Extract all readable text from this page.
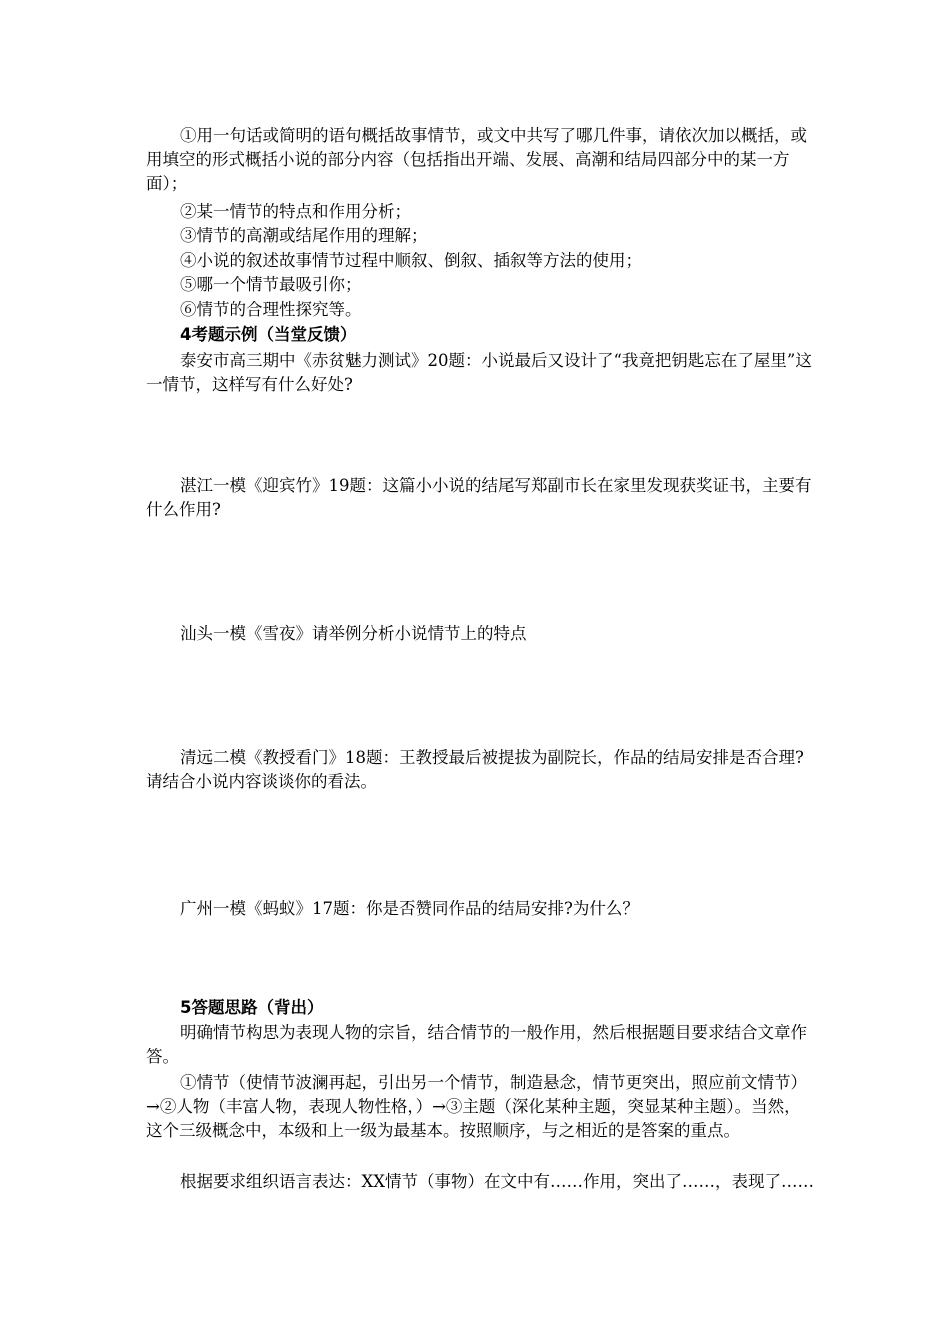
①用一句话或简明的语句概括故事情节，或文中共写了哪几件事，请依次加以概括，或用填空的形式概括小说的部分内容（包括指出开端、发展、高潮和结局四部分中的某一方面）；

②某一情节的特点和作用分析；

③情节的高潮或结尾作用的理解；

④小说的叙述故事情节过程中顺叙、倒叙、插叙等方法的使用；

⑤哪一个情节最吸引你；

⑥情节的合理性探究等。

4考题示例（当堂反馈）

泰安市高三期中《赤贫魅力测试》20题：小说最后又设计了“我竟把钥匙忘在了屋里”这一情节，这样写有什么好处?

湛江一模《迎宾竹》19题：这篇小小说的结尾写郑副市长在家里发现获奖证书，主要有什么作用?

汕头一模《雪夜》请举例分析小说情节上的特点

清远二模《教授看门》18题：王教授最后被提拔为副院长，作品的结局安排是否合理?请结合小说内容谈谈你的看法。

广州一模《蚂蚁》17题：你是否赞同作品的结局安排?为什么？

5答题思路（背出）

明确情节构思为表现人物的宗旨，结合情节的一般作用，然后根据题目要求结合文章作答。

①情节（使情节波澜再起，引出另一个情节，制造悬念，情节更突出，照应前文情节）→②人物（丰富人物，表现人物性格，）→③主题（深化某种主题，突显某种主题）。当然，这个三级概念中，本级和上一级为最基本。按照顺序，与之相近的是答案的重点。

根据要求组织语言表达：XX情节（事物）在文中有……作用，突出了……，表现了……
